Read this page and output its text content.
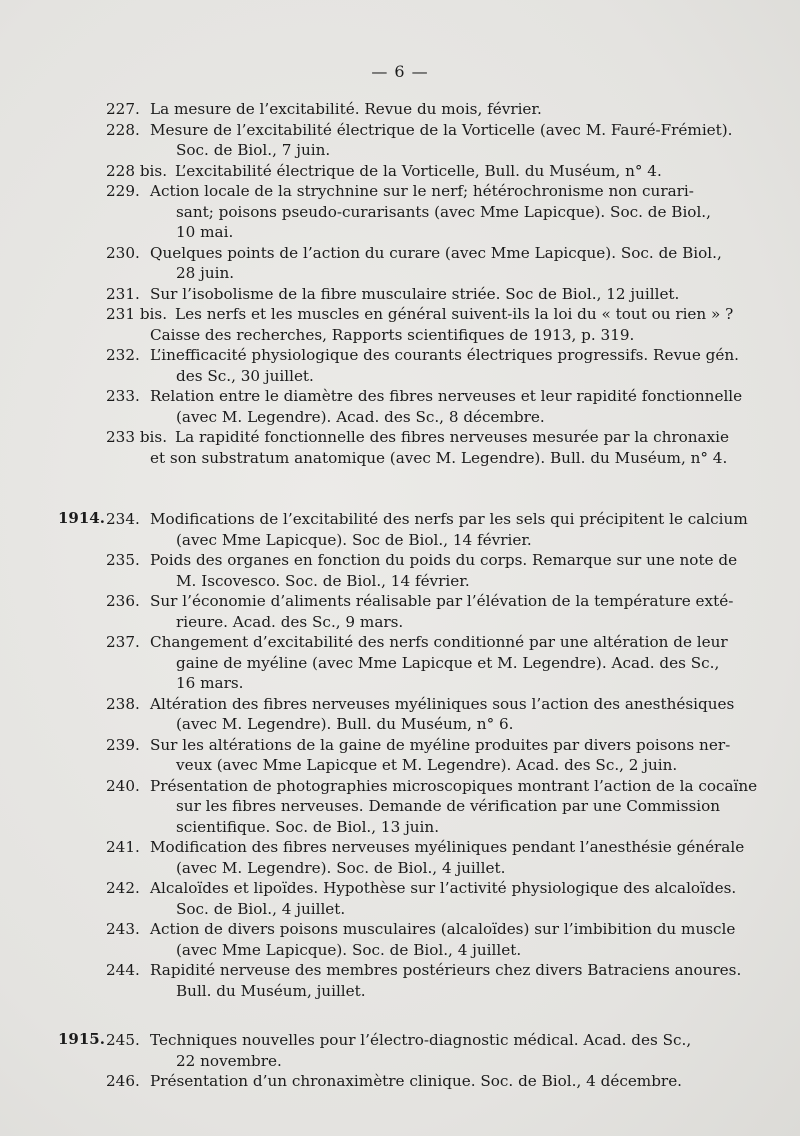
— 6 —
227. La mesure de l’excitabilité. Revue du mois, février.
228. Mesure de l’excitabilité électrique de la Vorticelle (avec M. Fauré-Frémiet).
Soc. de Biol., 7 juin.
228 bis. L’excitabilité électrique de la Vorticelle, Bull. du Muséum, n° 4.
229. Action locale de la strychnine sur le nerf; hétérochronisme non curari-
sant; poisons pseudo-curarisants (avec Mme Lapicque). Soc. de Biol.,
10 mai.
230. Quelques points de l’action du curare (avec Mme Lapicque). Soc. de Biol.,
28 juin.
231. Sur l’isobolisme de la fibre musculaire striée. Soc de Biol., 12 juillet.
231 bis. Les nerfs et les muscles en général suivent-ils la loi du « tout ou rien » ?
Caisse des recherches, Rapports scientifiques de 1913, p. 319.
232. L’inefficacité physiologique des courants électriques progressifs. Revue gén.
des Sc., 30 juillet.
233. Relation entre le diamètre des fibres nerveuses et leur rapidité fonctionnelle
(avec M. Legendre). Acad. des Sc., 8 décembre.
233 bis. La rapidité fonctionnelle des fibres nerveuses mesurée par la chronaxie
et son substratum anatomique (avec M. Legendre). Bull. du Muséum, n° 4.
1914. 234. Modifications de l’excitabilité des nerfs par les sels qui précipitent le calcium
(avec Mme Lapicque). Soc de Biol., 14 février.
235. Poids des organes en fonction du poids du corps. Remarque sur une note de
M. Iscovesco. Soc. de Biol., 14 février.
236. Sur l’économie d’aliments réalisable par l’élévation de la température exté-
rieure. Acad. des Sc., 9 mars.
237. Changement d’excitabilité des nerfs conditionné par une altération de leur
gaine de myéline (avec Mme Lapicque et M. Legendre). Acad. des Sc.,
16 mars.
238. Altération des fibres nerveuses myéliniques sous l’action des anesthésiques
(avec M. Legendre). Bull. du Muséum, n° 6.
239. Sur les altérations de la gaine de myéline produites par divers poisons ner-
veux (avec Mme Lapicque et M. Legendre). Acad. des Sc., 2 juin.
240. Présentation de photographies microscopiques montrant l’action de la cocaïne
sur les fibres nerveuses. Demande de vérification par une Commission
scientifique. Soc. de Biol., 13 juin.
241. Modification des fibres nerveuses myéliniques pendant l’anesthésie générale
(avec M. Legendre). Soc. de Biol., 4 juillet.
242. Alcaloïdes et lipoïdes. Hypothèse sur l’activité physiologique des alcaloïdes.
Soc. de Biol., 4 juillet.
243. Action de divers poisons musculaires (alcaloïdes) sur l’imbibition du muscle
(avec Mme Lapicque). Soc. de Biol., 4 juillet.
244. Rapidité nerveuse des membres postérieurs chez divers Batraciens anoures.
Bull. du Muséum, juillet.
1915. 245. Techniques nouvelles pour l’électro-diagnostic médical. Acad. des Sc.,
22 novembre.
246. Présentation d’un chronaximètre clinique. Soc. de Biol., 4 décembre.
